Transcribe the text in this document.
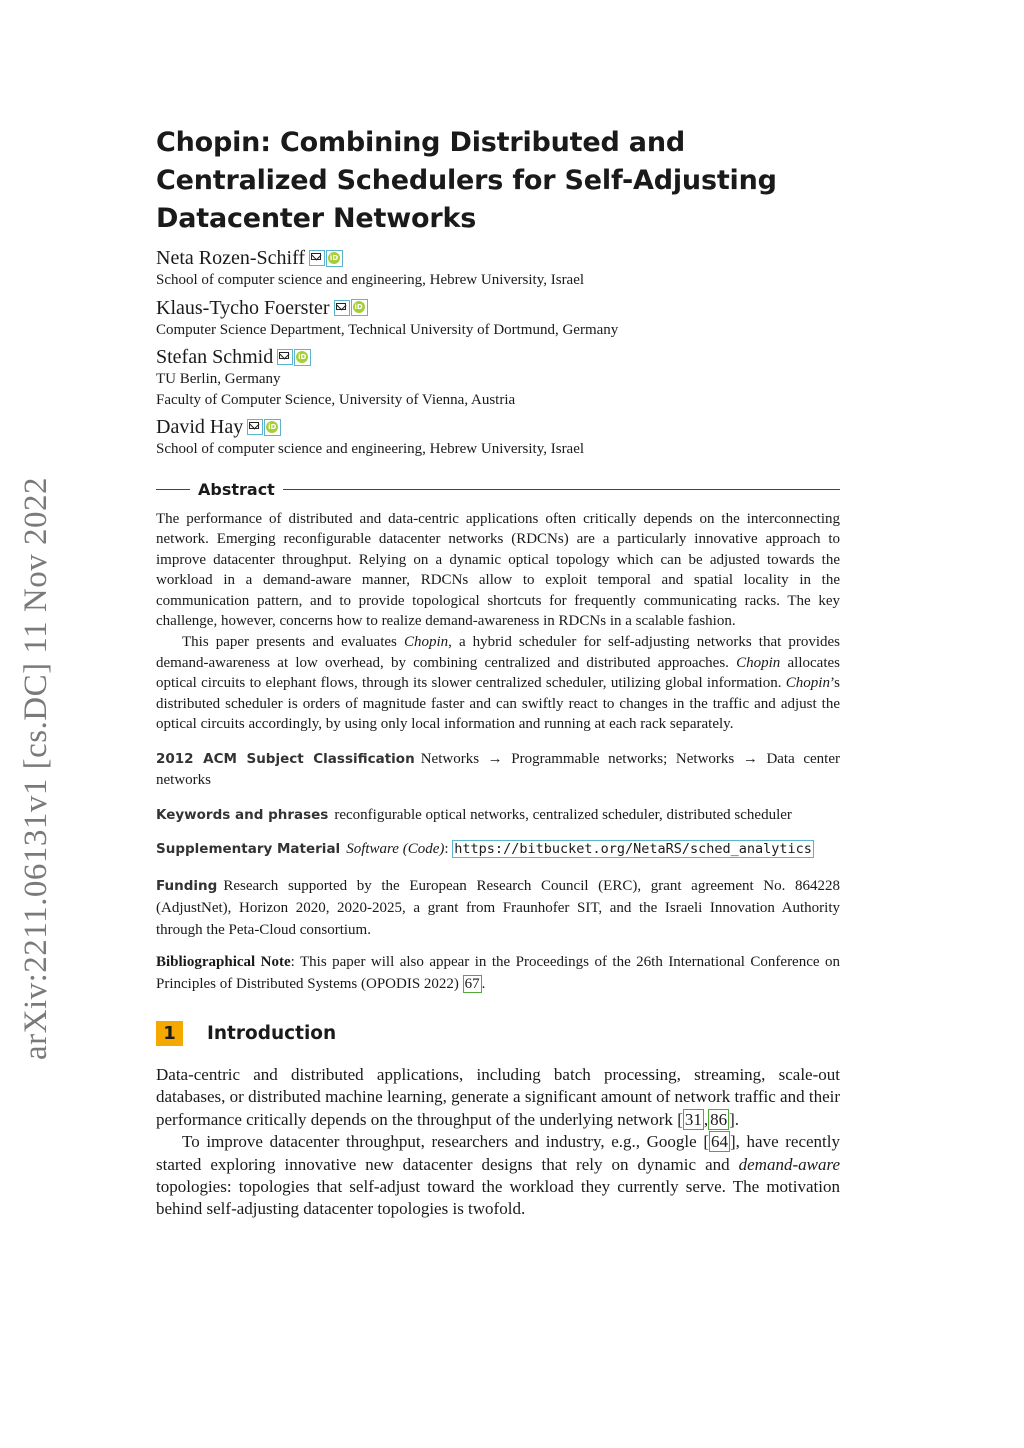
arXiv:2211.06131v1 [cs.DC] 11 Nov 2022
Chopin: Combining Distributed and Centralized Schedulers for Self-Adjusting Datacenter Networks
Neta Rozen-Schiff	iD
School of computer science and engineering, Hebrew University, Israel
Klaus-Tycho Foerster	iD
Computer Science Department, Technical University of Dortmund, Germany
Stefan Schmid	iD
TU Berlin, Germany
Faculty of Computer Science, University of Vienna, Austria
David Hay	iD
School of computer science and engineering, Hebrew University, Israel
Abstract

The performance of distributed and data-centric applications often critically depends on the interconnecting network. Emerging reconfigurable datacenter networks (RDCNs) are a particularly innovative approach to improve datacenter throughput. Relying on a dynamic optical topology which can be adjusted towards the workload in a demand-aware manner, RDCNs allow to exploit temporal and spatial locality in the communication pattern, and to provide topological shortcuts for frequently communicating racks. The key challenge, however, concerns how to realize demand-awareness in RDCNs in a scalable fashion.

This paper presents and evaluates Chopin, a hybrid scheduler for self-adjusting networks that provides demand-awareness at low overhead, by combining centralized and distributed approaches. Chopin allocates optical circuits to elephant flows, through its slower centralized scheduler, utilizing global information. Chopin’s distributed scheduler is orders of magnitude faster and can swiftly react to changes in the traffic and adjust the optical circuits accordingly, by using only local information and running at each rack separately.

2012 ACM Subject Classification Networks → Programmable networks; Networks → Data center networks

Keywords and phrases reconfigurable optical networks, centralized scheduler, distributed scheduler

Supplementary Material Software (Code): https://bitbucket.org/NetaRS/sched_analytics

Funding Research supported by the European Research Council (ERC), grant agreement No. 864228 (AdjustNet), Horizon 2020, 2020-2025, a grant from Fraunhofer SIT, and the Israeli Innovation Authority through the Peta-Cloud consortium.

Bibliographical Note: This paper will also appear in the Proceedings of the 26th International Conference on Principles of Distributed Systems (OPODIS 2022) 67 .

1	Introduction

Data-centric and distributed applications, including batch processing, streaming, scale-out databases, or distributed machine learning, generate a significant amount of network traffic and their performance critically depends on the throughput of the underlying network [ 31 , 86 ].

To improve datacenter throughput, researchers and industry, e.g., Google [ 64 ], have recently started exploring innovative new datacenter designs that rely on dynamic and demand-aware topologies: topologies that self-adjust toward the workload they currently serve. The motivation behind self-adjusting datacenter topologies is twofold.
